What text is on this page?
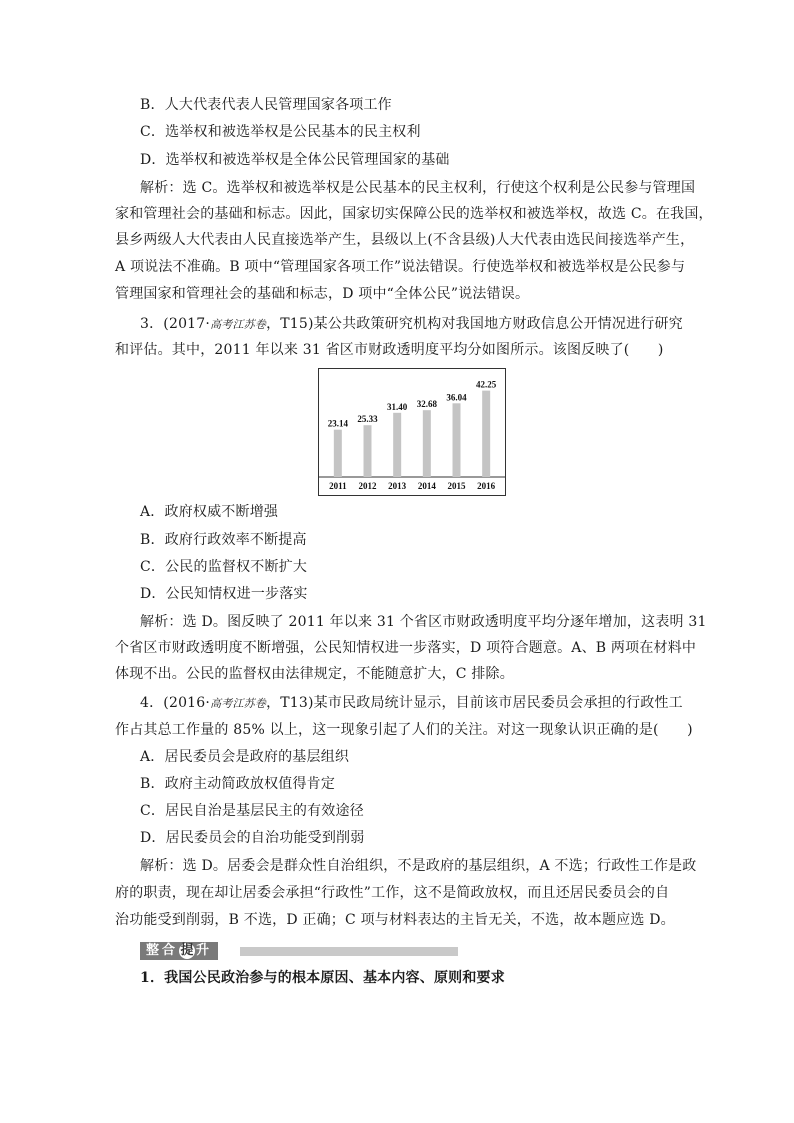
B．人大代表代表人民管理国家各项工作
C．选举权和被选举权是公民基本的民主权利
D．选举权和被选举权是全体公民管理国家的基础
解析：选 C。选举权和被选举权是公民基本的民主权利，行使这个权利是公民参与管理国
家和管理社会的基础和标志。因此，国家切实保障公民的选举权和被选举权，故选 C。在我国，
县乡两级人大代表由人民直接选举产生，县级以上(不含县级)人大代表由选民间接选举产生，
A 项说法不准确。B 项中“管理国家各项工作”说法错误。行使选举权和被选举权是公民参与
管理国家和管理社会的基础和标志，D 项中“全体公民”说法错误。
3．(2017·高考江苏卷，T15)某公共政策研究机构对我国地方财政信息公开情况进行研究
和评估。其中，2011 年以来 31 省区市财政透明度平均分如图所示。该图反映了(　　)
23.14
2011
25.33
2012
31.40
2013
32.68
2014
36.04
2015
42.25
2016
A．政府权威不断增强
B．政府行政效率不断提高
C．公民的监督权不断扩大
D．公民知情权进一步落实
解析：选 D。图反映了 2011 年以来 31 个省区市财政透明度平均分逐年增加，这表明 31
个省区市财政透明度不断增强，公民知情权进一步落实，D 项符合题意。A、B 两项在材料中
体现不出。公民的监督权由法律规定，不能随意扩大，C 排除。
4．(2016·高考江苏卷，T13)某市民政局统计显示，目前该市居民委员会承担的行政性工
作占其总工作量的 85% 以上，这一现象引起了人们的关注。对这一现象认识正确的是(　　)
A．居民委员会是政府的基层组织
B．政府主动简政放权值得肯定
C．居民自治是基层民主的有效途径
D．居民委员会的自治功能受到削弱
解析：选 D。居委会是群众性自治组织，不是政府的基层组织，A 不选；行政性工作是政
府的职责，现在却让居委会承担“行政性”工作，这不是简政放权，而且还居民委员会的自
治功能受到削弱，B 不选，D 正确；C 项与材料表达的主旨无关，不选，故本题应选 D。
整合 提 升
1．我国公民政治参与的根本原因、基本内容、原则和要求
